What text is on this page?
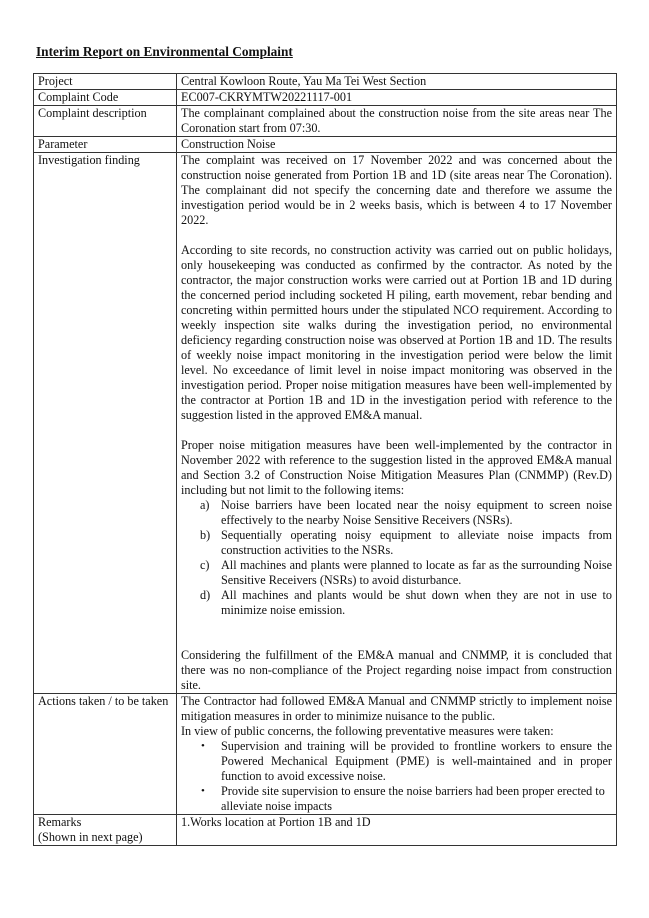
Interim Report on Environmental Complaint
Project	Central Kowloon Route, Yau Ma Tei West Section
Complaint Code	EC007-CKRYMTW20221117-001
Complaint description	The complainant complained about the construction noise from the site areas near The Coronation start from 07:30.
Parameter	Construction Noise
Investigation finding	The complaint was received on 17 November 2022 and was concerned about the construction noise generated from Portion 1B and 1D (site areas near The Coronation). The complainant did not specify the concerning date and therefore we assume the investigation period would be in 2 weeks basis, which is between 4 to 17 November 2022.

According to site records, no construction activity was carried out on public holidays, only housekeeping was conducted as confirmed by the contractor. As noted by the contractor, the major construction works were carried out at Portion 1B and 1D during the concerned period including socketed H piling, earth movement, rebar bending and concreting within permitted hours under the stipulated NCO requirement. According to weekly inspection site walks during the investigation period, no environmental deficiency regarding construction noise was observed at Portion 1B and 1D. The results of weekly noise impact monitoring in the investigation period were below the limit level. No exceedance of limit level in noise impact monitoring was observed in the investigation period. Proper noise mitigation measures have been well-implemented by the contractor at Portion 1B and 1D in the investigation period with reference to the suggestion listed in the approved EM&A manual.

Proper noise mitigation measures have been well-implemented by the contractor in November 2022 with reference to the suggestion listed in the approved EM&A manual and Section 3.2 of Construction Noise Mitigation Measures Plan (CNMMP) (Rev.D) including but not limit to the following items:

a) Noise barriers have been located near the noisy equipment to screen noise effectively to the nearby Noise Sensitive Receivers (NSRs).
b) Sequentially operating noisy equipment to alleviate noise impacts from construction activities to the NSRs.
c) All machines and plants were planned to locate as far as the surrounding Noise Sensitive Receivers (NSRs) to avoid disturbance.
d) All machines and plants would be shut down when they are not in use to minimize noise emission.

Considering the fulfillment of the EM&A manual and CNMMP, it is concluded that there was no non-compliance of the Project regarding noise impact from construction site.

Actions taken / to be taken	The Contractor had followed EM&A Manual and CNMMP strictly to implement noise mitigation measures in order to minimize nuisance to the public.

In view of public concerns, the following preventative measures were taken:

• Supervision and training will be provided to frontline workers to ensure the Powered Mechanical Equipment (PME) is well-maintained and in proper function to avoid excessive noise.
• Provide site supervision to ensure the noise barriers had been proper erected to alleviate noise impacts

Remarks
(Shown in next page)	1.Works location at Portion 1B and 1D
